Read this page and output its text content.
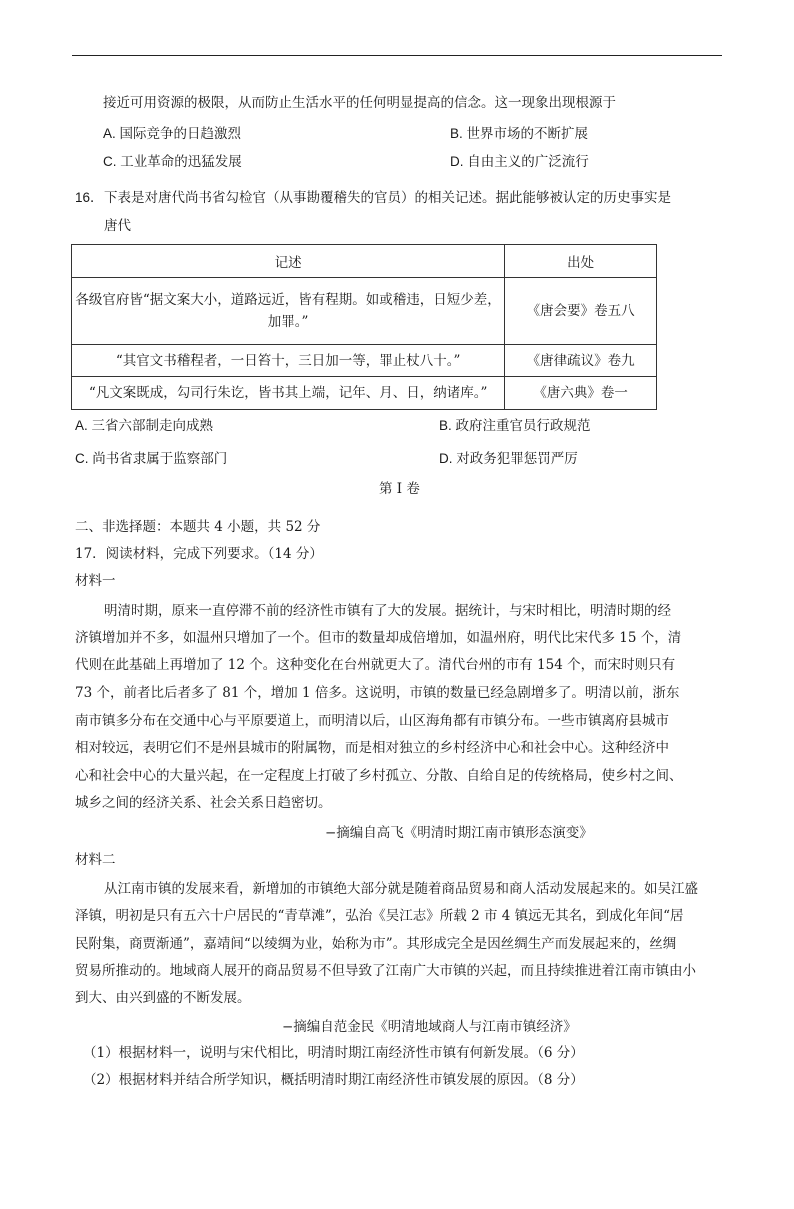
接近可用资源的极限，从而防止生活水平的任何明显提高的信念。这一现象出现根源于
A. 国际竞争的日趋激烈	B. 世界市场的不断扩展
C. 工业革命的迅猛发展	D. 自由主义的广泛流行
16． 下表是对唐代尚书省勾检官（从事勘覆稽失的官员）的相关记述。据此能够被认定的历史事实是
唐代
记述	出处

各级官府皆“据文案大小，道路远近，皆有程期。如或稽违，日短少差，
加罪。”	《唐会要》卷五八
“其官文书稽程者，一日笞十，三日加一等，罪止杖八十。”	《唐律疏议》卷九
“凡文案既成，勾司行朱讫，皆书其上端，记年、月、日，纳诸库。”	《唐六典》卷一
A. 三省六部制走向成熟	B. 政府注重官员行政规范
C. 尚书省隶属于监察部门	D. 对政务犯罪惩罚严厉
第 I 卷
二、非选择题：本题共 4 小题，共 52 分
17．阅读材料，完成下列要求。（14 分）
材料一
明清时期，原来一直停滞不前的经济性市镇有了大的发展。据统计，与宋时相比，明清时期的经
济镇增加并不多，如温州只增加了一个。但市的数量却成倍增加，如温州府，明代比宋代多 15 个，清
代则在此基础上再增加了 12 个。这种变化在台州就更大了。清代台州的市有 154 个，而宋时则只有
73 个，前者比后者多了 81 个，增加 1 倍多。这说明，市镇的数量已经急剧增多了。明清以前，浙东
南市镇多分布在交通中心与平原要道上，而明清以后，山区海角都有市镇分布。一些市镇离府县城市
相对较远，表明它们不是州县城市的附属物，而是相对独立的乡村经济中心和社会中心。这种经济中
心和社会中心的大量兴起，在一定程度上打破了乡村孤立、分散、自给自足的传统格局，使乡村之间、
城乡之间的经济关系、社会关系日趋密切。
−摘编自高飞《明清时期江南市镇形态演变》
材料二
从江南市镇的发展来看，新增加的市镇绝大部分就是随着商品贸易和商人活动发展起来的。如吴江盛
泽镇，明初是只有五六十户居民的“青草滩”，弘治《吴江志》所载 2 市 4 镇远无其名，到成化年间“居
民附集，商贾渐通”，嘉靖间“以绫绸为业，始称为市”。其形成完全是因丝绸生产而发展起来的，丝绸
贸易所推动的。地域商人展开的商品贸易不但导致了江南广大市镇的兴起，而且持续推进着江南市镇由小
到大、由兴到盛的不断发展。
−摘编自范金民《明清地域商人与江南市镇经济》
（1）根据材料一，说明与宋代相比，明清时期江南经济性市镇有何新发展。（6 分）
（2）根据材料并结合所学知识，概括明清时期江南经济性市镇发展的原因。（8 分）
